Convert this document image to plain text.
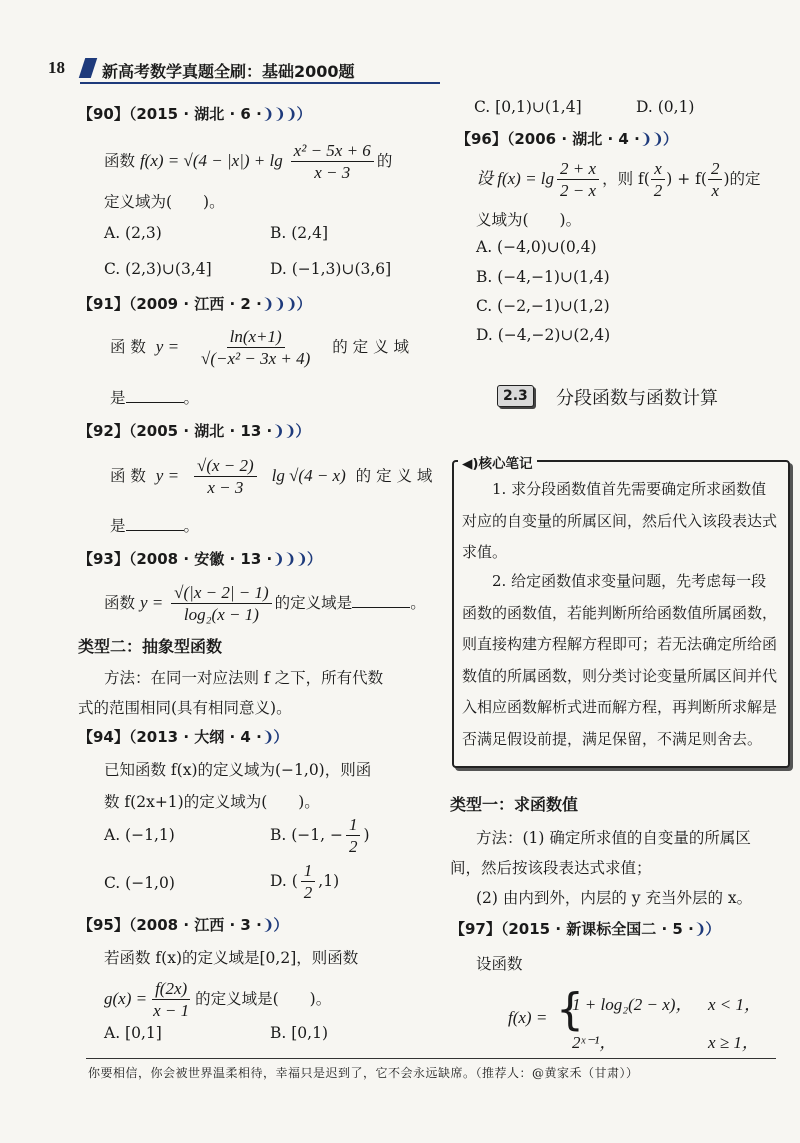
18 新高考数学真题全刷：基础2000题
【90】（2015 · 湖北 · 6 ·❩❩❩）
函数 $f(x) = √(4 - |x|) + \lg \frac{\text{x² − 5x + 6}}{x - 3}$ 的
定义域为(　　)。
A. (2,3)	B. (2,4]
C. (2,3)∪(3,4]	D. (−1,3)∪(3,6]
【91】（2009 · 江西 · 2 ·❩❩❩）
函 数 $y = \frac{\ln(x+1)}{\text{√(−x² − 3x + 4)}}$ 的 定 义 域
是	。
【92】（2005 · 湖北 · 13 ·❩❩）
函 数 $y = \frac{√(x - 2)}{x - 3}$ lg √(4 − x) 的 定 义 域
是	。
【93】（2008 · 安徽 · 13 ·❩❩❩）
函数 $y = \frac{√(|x - 2| - 1)}{\text{log₂(x − 1)}}$ 的定义域是	。
类型二：抽象型函数
方法：在同一对应法则 f 之下，所有代数
式的范围相同(具有相同意义)。
【94】（2013 · 大纲 · 4 ·❩）
已知函数 f(x)的定义域为(−1,0)，则函
数 f(2x+1)的定义域为(　　)。
A. (−1,1)	B. (−1, − $\frac{1}{2}$ )
C. (−1,0)	D. ( $\frac{1}{2} ,1$)
【95】（2008 · 江西 · 3 ·❩）
若函数 f(x)的定义域是[0,2]，则函数
$g(x) = \frac{f(2x)}{x - 1}$ 的定义域是(　　)。
A. [0,1]	B. [0,1)
C. [0,1)∪(1,4]	D. (0,1)
【96】（2006 · 湖北 · 4 ·❩❩）
设 $f(x) = \lg \frac{2 + x}{2 - x}$ ，则 $f( \frac{x}{2}$ ) + $f( \frac{2}{x}$ )的定
义域为(　　)。
A. (−4,0)∪(0,4)
B. (−4,−1)∪(1,4)
C. (−2,−1)∪(1,2)
D. (−4,−2)∪(2,4)
2.3	分段函数与函数计算
◀)核心笔记
1. 求分段函数值首先需要确定所求函数值对应的自变量的所属区间，然后代入该段表达式求值。
2. 给定函数值求变量问题，先考虑每一段函数的函数值，若能判断所给函数值所属函数，则直接构建方程解方程即可；若无法确定所给函数值的所属函数，则分类讨论变量所属区间并代入相应函数解析式进而解方程，再判断所求解是否满足假设前提，满足保留，不满足则舍去。
类型一：求函数值
方法：(1) 确定所求值的自变量的所属区
间，然后按该段表达式求值；
(2) 由内到外，内层的 y 充当外层的 x。
【97】（2015 · 新课标全国二 · 5 ·❩）
设函数
f(x) = {
1 + log₂(2 − x)， x < 1，
2ˣ⁻¹，	x ≥ 1，
你要相信，你会被世界温柔相待，幸福只是迟到了，它不会永远缺席。（推荐人：@黄家禾（甘肃））
